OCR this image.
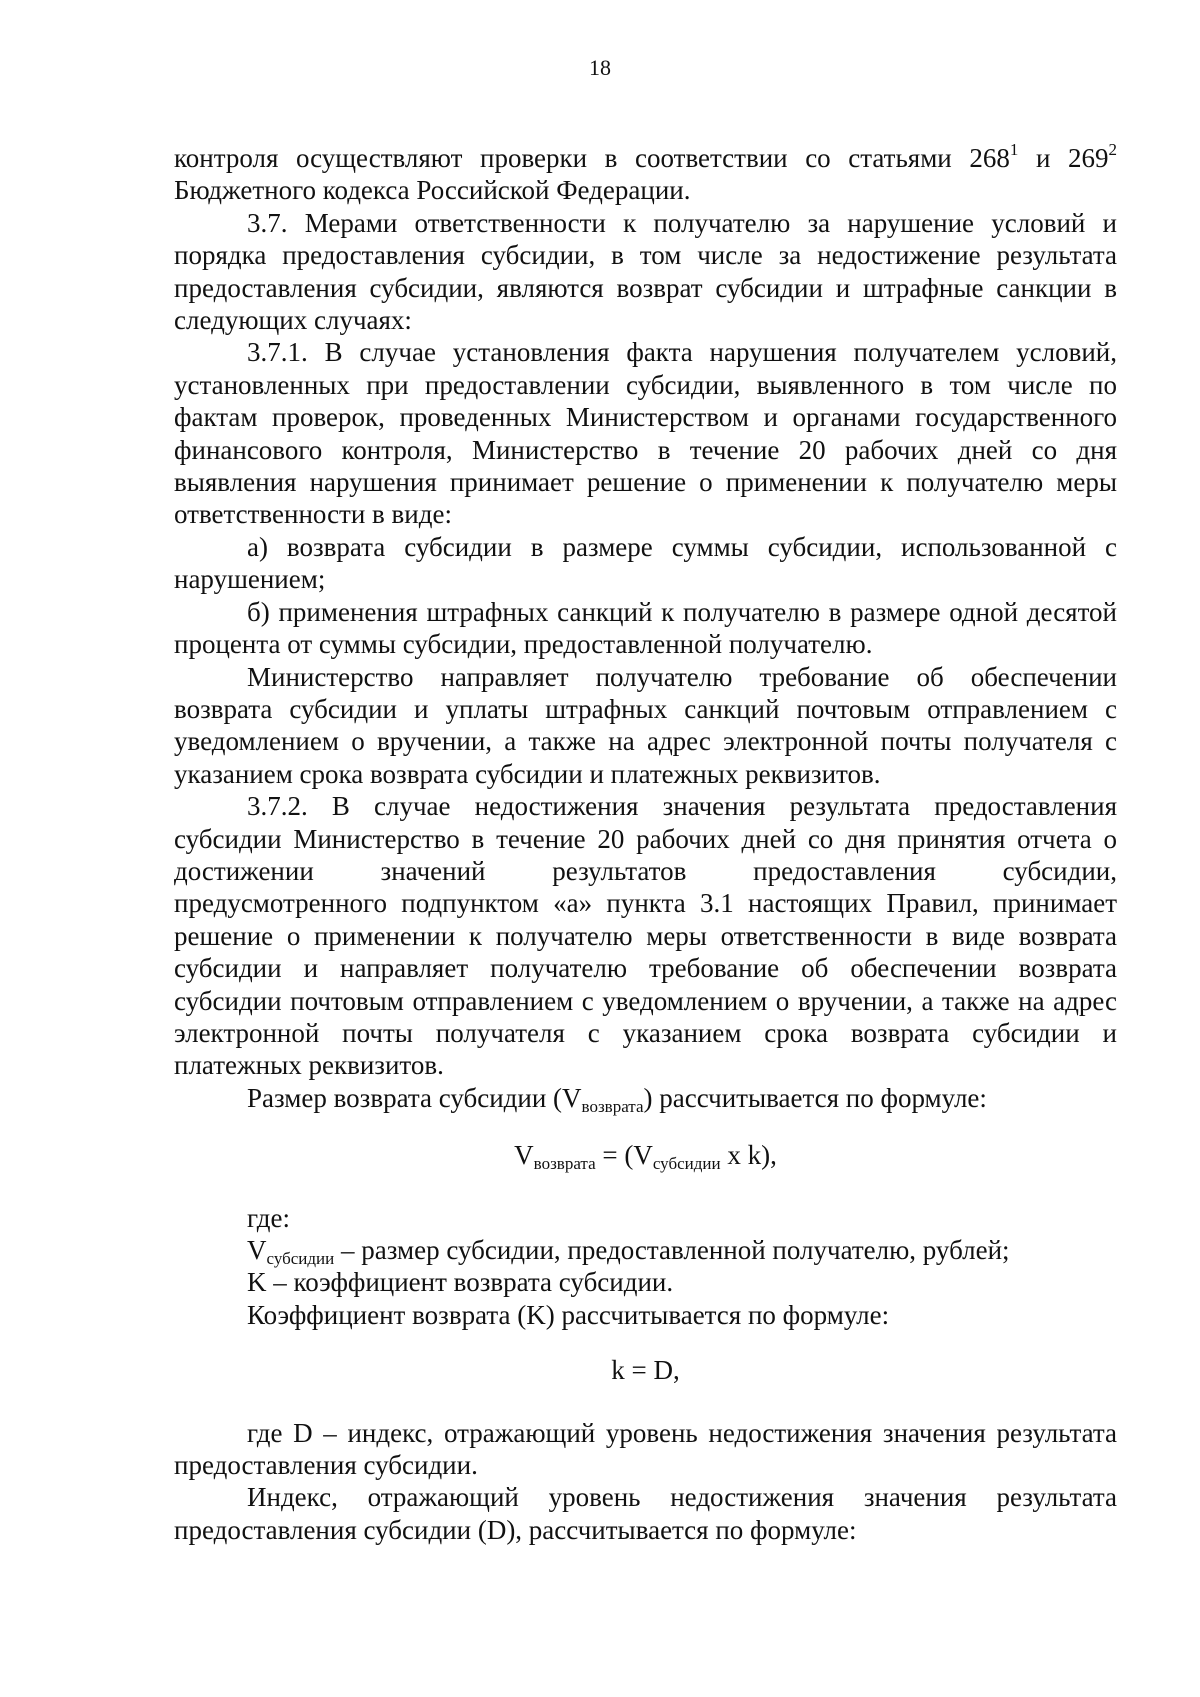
18

контроля осуществляют проверки в соответствии со статьями $268^1$ и $269^2$ Бюджетного кодекса Российской Федерации.

3.7. Мерами ответственности к получателю за нарушение условий и порядка предоставления субсидии, в том числе за недостижение результата предоставления субсидии, являются возврат субсидии и штрафные санкции в следующих случаях:

3.7.1. В случае установления факта нарушения получателем условий, установленных при предоставлении субсидии, выявленного в том числе по фактам проверок, проведенных Министерством и органами государственного финансового контроля, Министерство в течение 20 рабочих дней со дня выявления нарушения принимает решение о применении к получателю меры ответственности в виде:

а) возврата субсидии в размере суммы субсидии, использованной с нарушением;

б) применения штрафных санкций к получателю в размере одной десятой процента от суммы субсидии, предоставленной получателю.

Министерство направляет получателю требование об обеспечении возврата субсидии и уплаты штрафных санкций почтовым отправлением с уведомлением о вручении, а также на адрес электронной почты получателя с указанием срока возврата субсидии и платежных реквизитов.

3.7.2. В случае недостижения значения результата предоставления субсидии Министерство в течение 20 рабочих дней со дня принятия отчета о достижении значений результатов предоставления субсидии,

предусмотренного подпунктом «а» пункта 3.1 настоящих Правил, принимает решение о применении к получателю меры ответственности в виде возврата субсидии и направляет получателю требование об обеспечении возврата субсидии почтовым отправлением с уведомлением о вручении, а также на адрес электронной почты получателя с указанием срока возврата субсидии и платежных реквизитов.

Размер возврата субсидии $(V_{возврата})$ рассчитывается по формуле:

$V_{возврата} = (V_{субсидии}$ x k),

где:

$V_{субсидии}$ – размер субсидии, предоставленной получателю, рублей;

K – коэффициент возврата субсидии.

Коэффициент возврата (K) рассчитывается по формуле:

k = D,

где D – индекс, отражающий уровень недостижения значения результата предоставления субсидии.

Индекс, отражающий уровень недостижения значения результата предоставления субсидии (D), рассчитывается по формуле:
